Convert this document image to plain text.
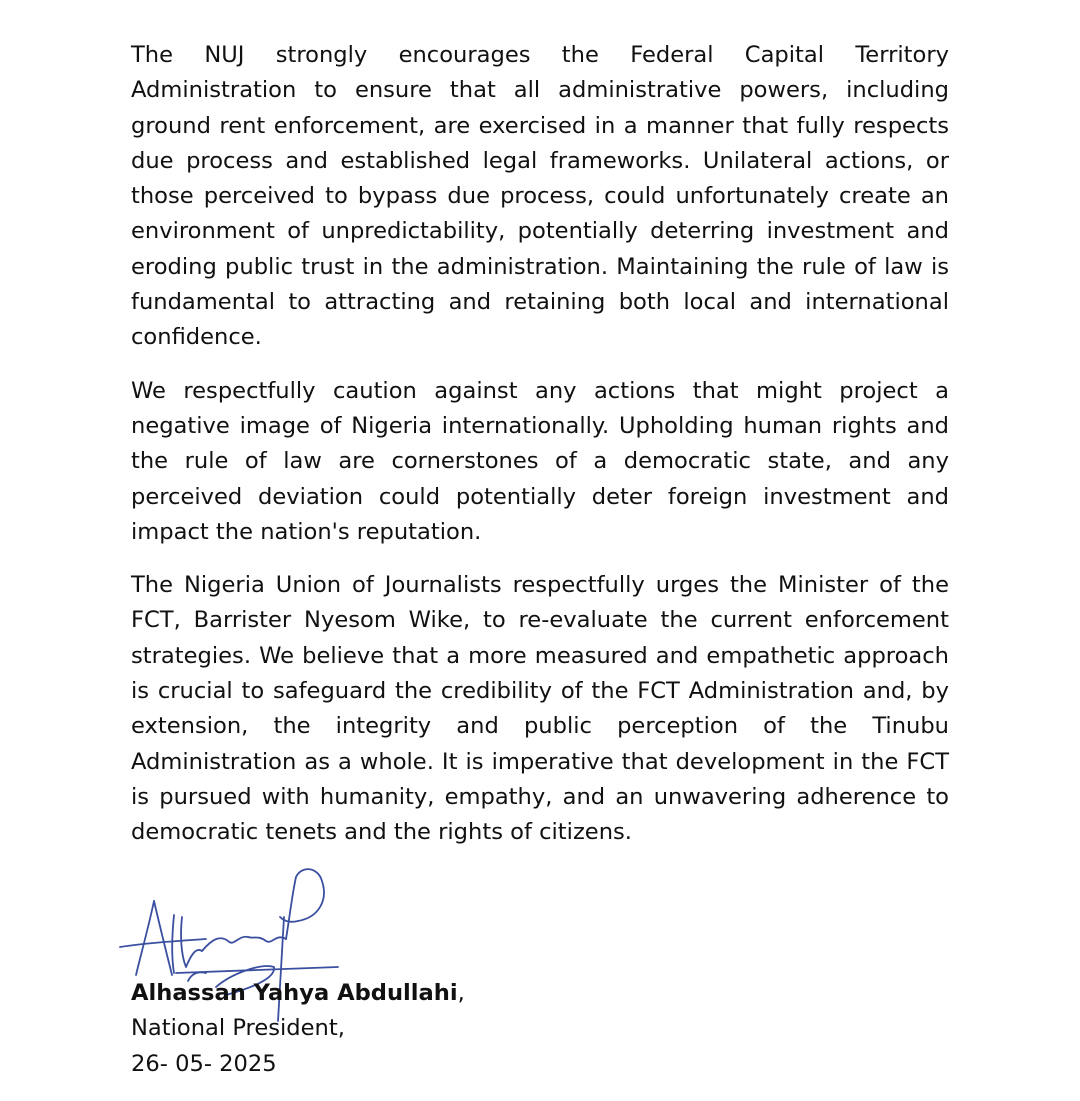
The NUJ strongly encourages the Federal Capital Territory Administration to ensure that all administrative powers, including ground rent enforcement, are exercised in a manner that fully respects due process and established legal frameworks. Unilateral actions, or those perceived to bypass due process, could unfortunately create an environment of unpredictability, potentially deterring investment and eroding public trust in the administration. Maintaining the rule of law is fundamental to attracting and retaining both local and international confidence.

We respectfully caution against any actions that might project a negative image of Nigeria internationally. Upholding human rights and the rule of law are cornerstones of a democratic state, and any perceived deviation could potentially deter foreign investment and impact the nation's reputation.

The Nigeria Union of Journalists respectfully urges the Minister of the FCT, Barrister Nyesom Wike, to re-evaluate the current enforcement strategies. We believe that a more measured and empathetic approach is crucial to safeguard the credibility of the FCT Administration and, by extension, the integrity and public perception of the Tinubu Administration as a whole. It is imperative that development in the FCT is pursued with humanity, empathy, and an unwavering adherence to democratic tenets and the rights of citizens.

Alhassan Yahya Abdullahi,
National President,
26- 05- 2025
